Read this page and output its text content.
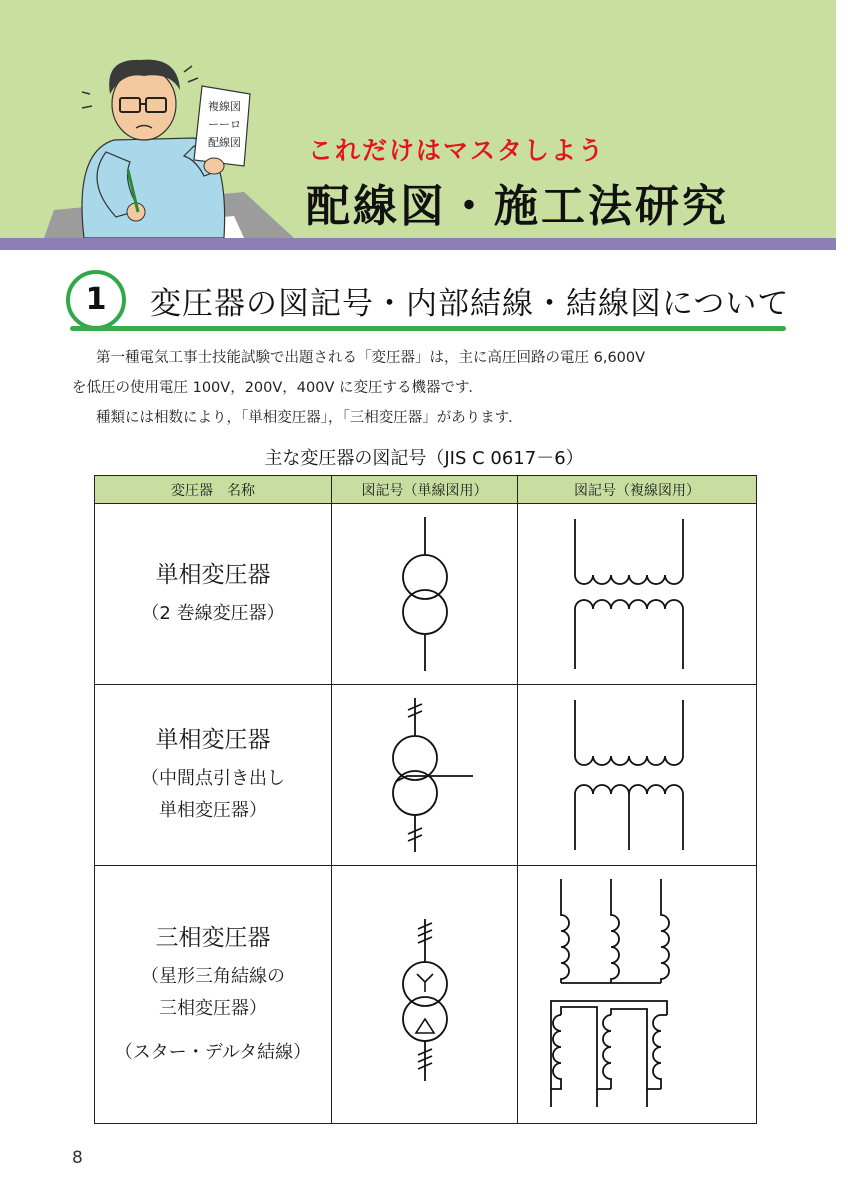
複線図
ーーロ
配線図	これだけはマスタしよう
配線図・施工法研究
1	変圧器の図記号・内部結線・結線図について

第一種電気工事士技能試験で出題される「変圧器」は，主に高圧回路の電圧 6,600V

を低圧の使用電圧 100V，200V，400V に変圧する機器です．

種類には相数により，「単相変圧器」，「三相変圧器」があります．

主な変圧器の図記号（JIS C 0617－6）
変圧器　名称	図記号（単線図用）	図記号（複線図用）

単相変圧器
（2 巻線変圧器）

単相変圧器
（中間点引き出し
単相変圧器）

三相変圧器
（星形三角結線の
三相変圧器）
（スター・デルタ結線）

8
